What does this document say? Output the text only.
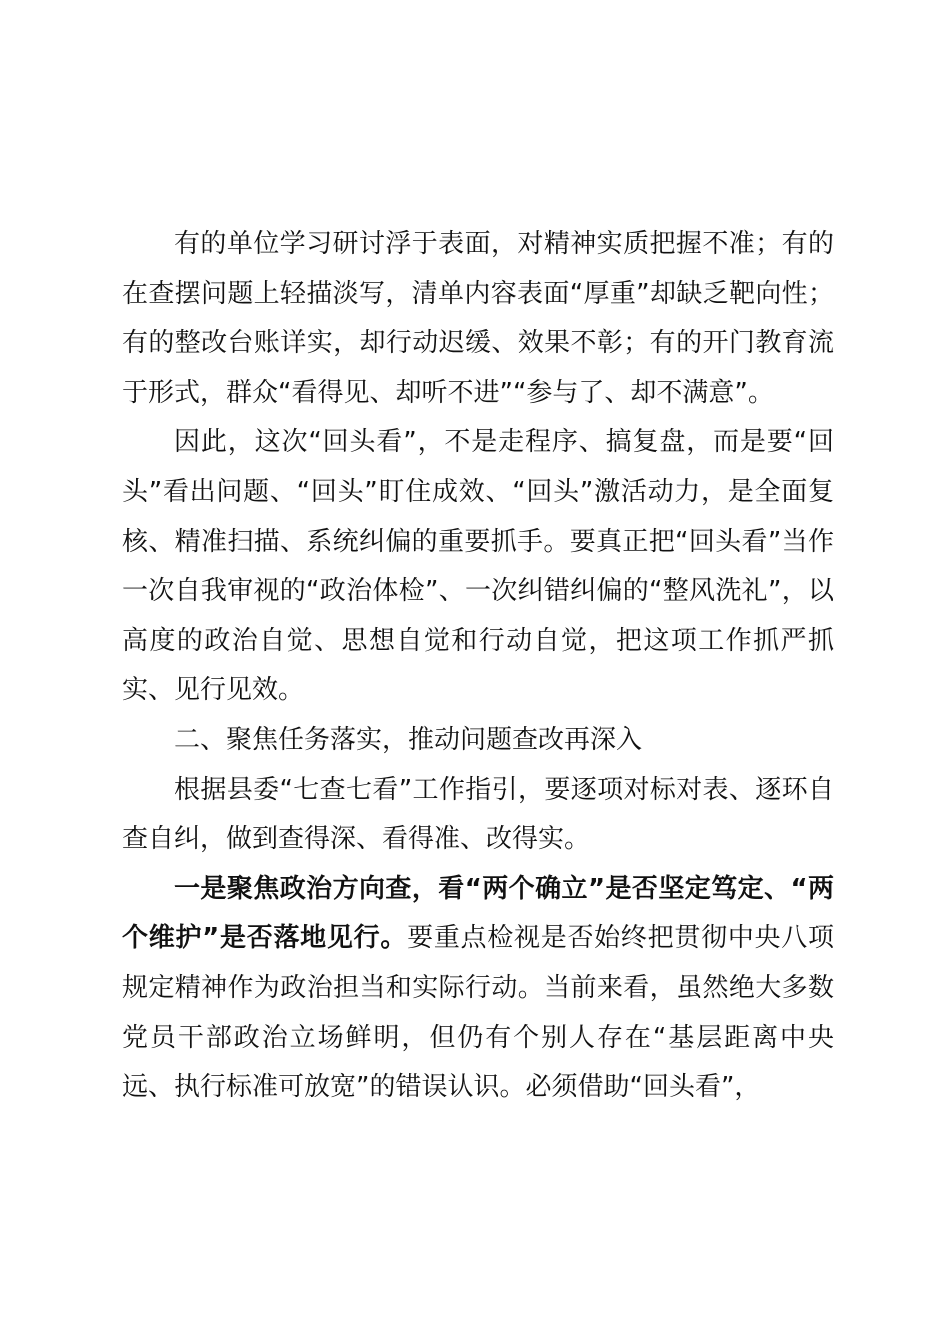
有的单位学习研讨浮于表面，对精神实质把握不准；有的在查摆问题上轻描淡写，清单内容表面“厚重”却缺乏靶向性；有的整改台账详实，却行动迟缓、效果不彰；有的开门教育流于形式，群众“看得见、却听不进”“参与了、却不满意”。

因此，这次“回头看”，不是走程序、搞复盘，而是要“回头”看出问题、“回头”盯住成效、“回头”激活动力，是全面复核、精准扫描、系统纠偏的重要抓手。要真正把“回头看”当作一次自我审视的“政治体检”、一次纠错纠偏的“整风洗礼”，以高度的政治自觉、思想自觉和行动自觉，把这项工作抓严抓实、见行见效。

二、聚焦任务落实，推动问题查改再深入

根据县委“七查七看”工作指引，要逐项对标对表、逐环自查自纠，做到查得深、看得准、改得实。

一是聚焦政治方向查，看“两个确立”是否坚定笃定、“两个维护”是否落地见行。要重点检视是否始终把贯彻中央八项规定精神作为政治担当和实际行动。当前来看，虽然绝大多数党员干部政治立场鲜明，但仍有个别人存在“基层距离中央远、执行标准可放宽”的错误认识。必须借助“回头看”，
